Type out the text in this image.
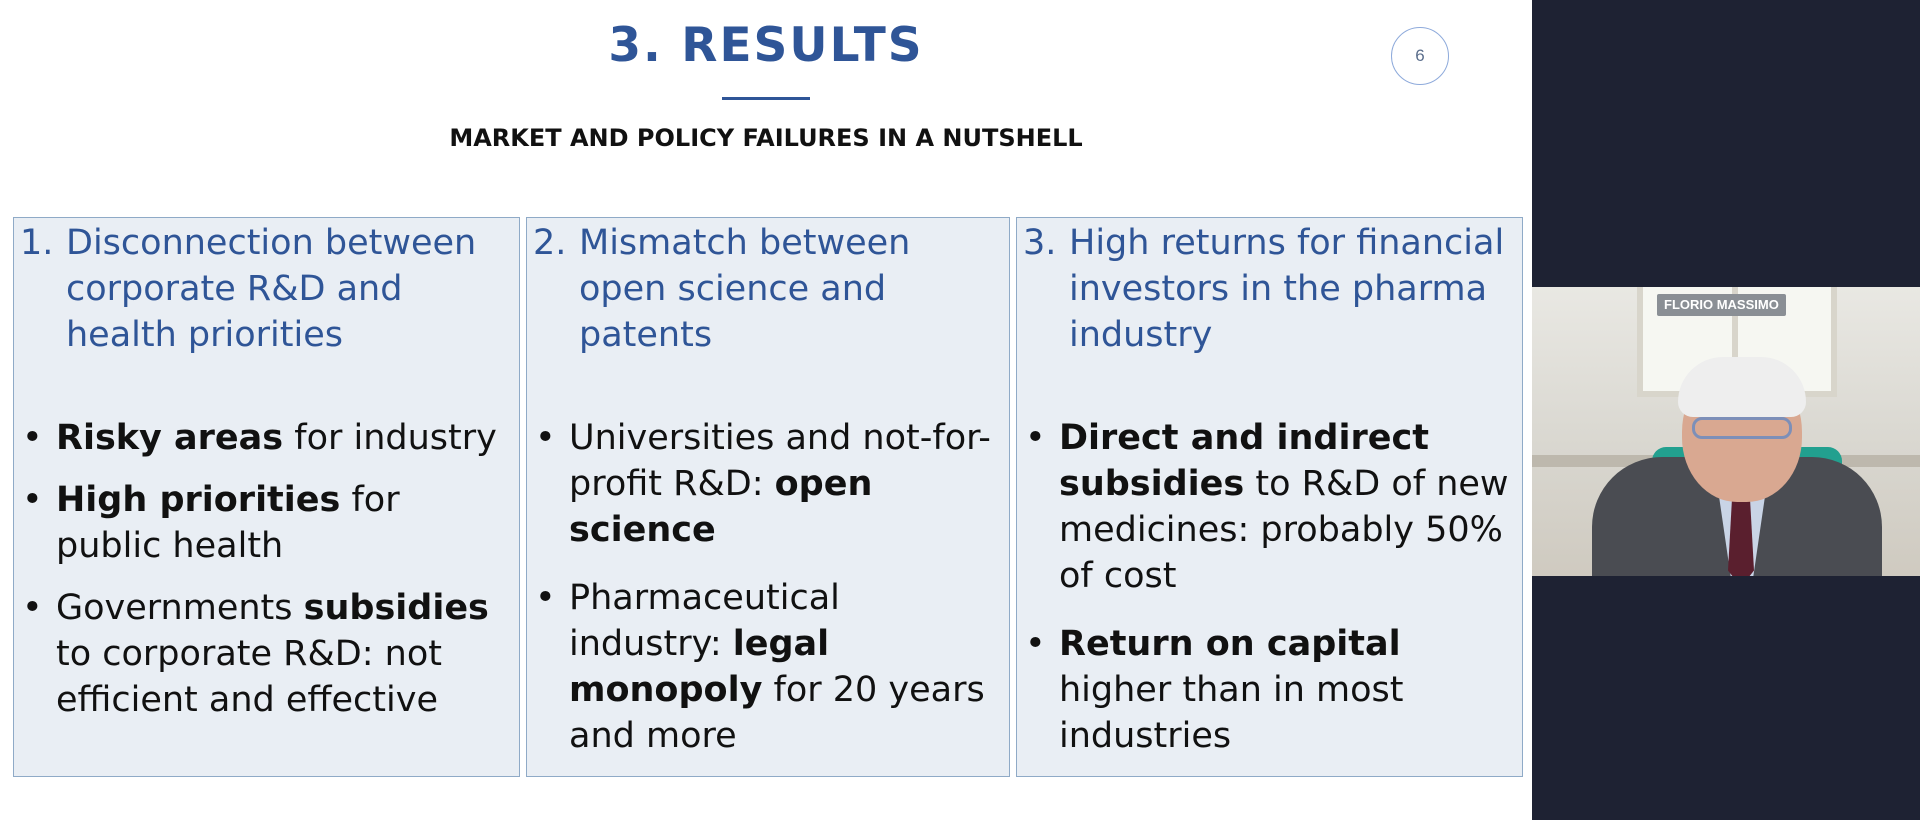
3. RESULTS	6
MARKET AND POLICY FAILURES IN A NUTSHELL
1. Disconnection between corporate R&D and health priorities
• Risky areas for industry
• High priorities for public health
• Governments subsidies to corporate R&D: not efficient and effective
2. Mismatch between open science and patents
• Universities and not-for-profit R&D: open science
• Pharmaceutical industry: legal monopoly for 20 years and more
3. High returns for financial investors in the pharma industry
• Direct and indirect subsidies to R&D of new medicines: probably 50% of cost
• Return on capital higher than in most industries
FLORIO MASSIMO
